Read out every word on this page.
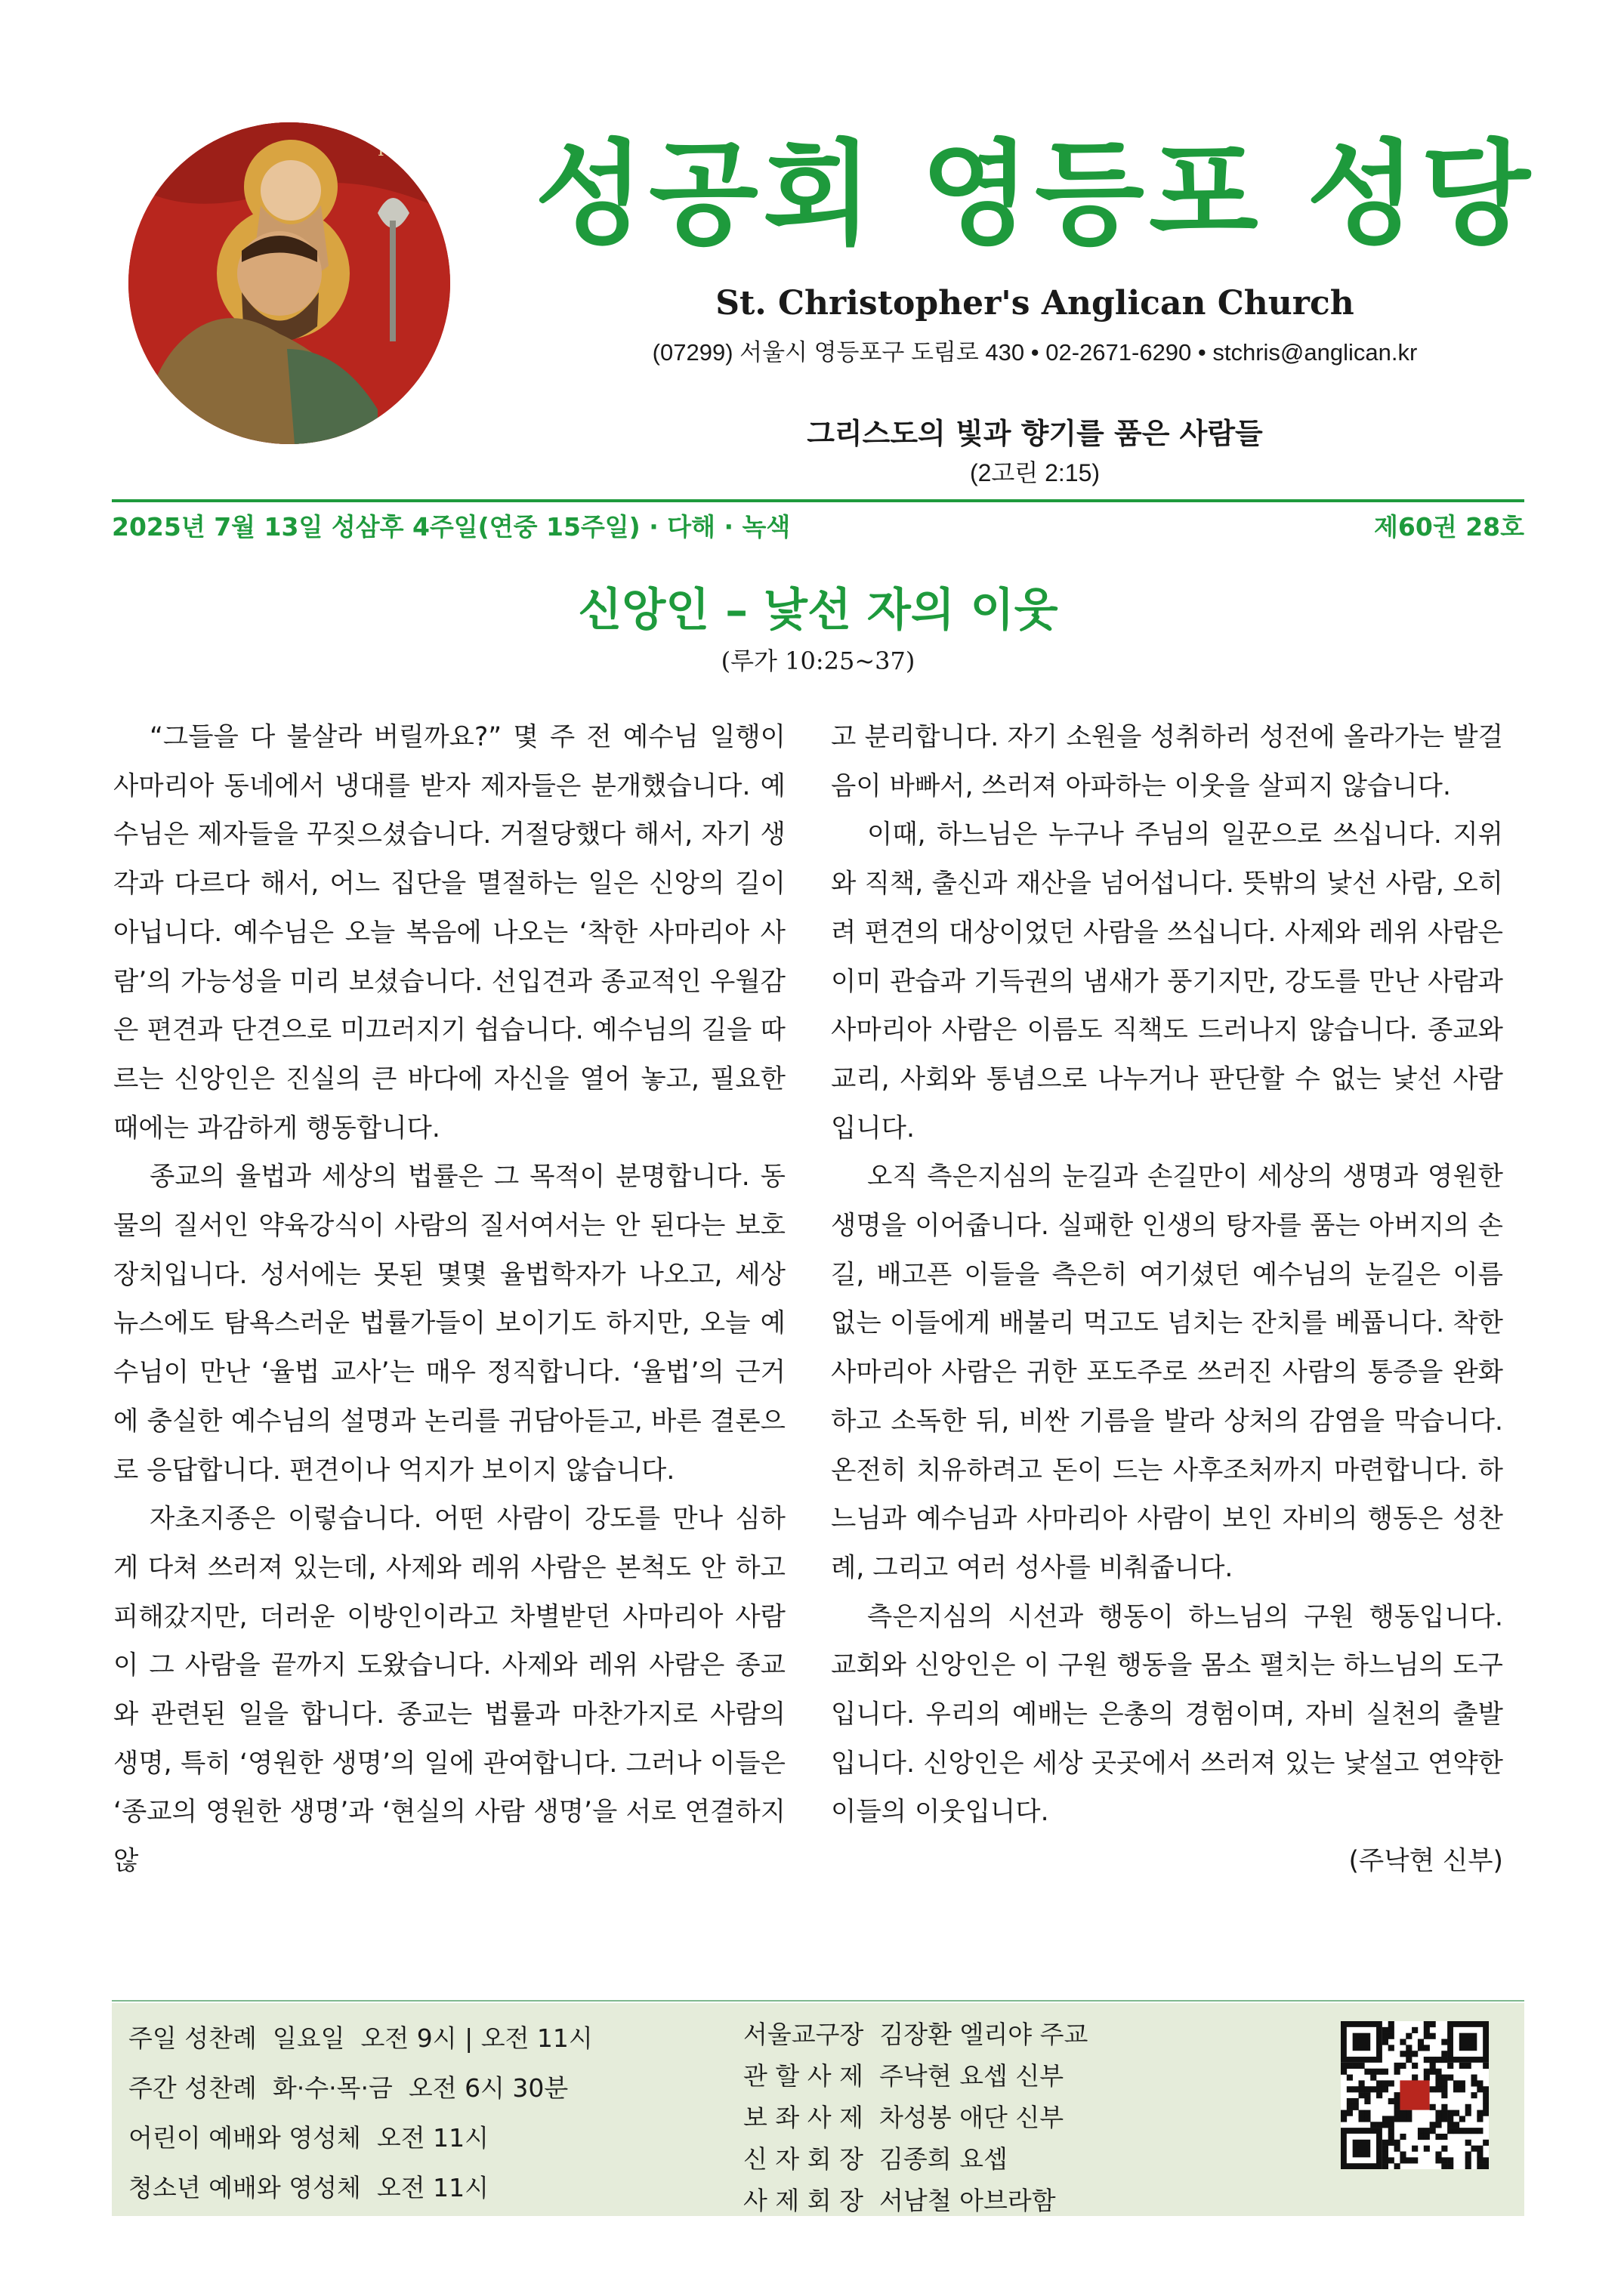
ΙC ΧC 성공회 영등포 성당
St. Christopher's Anglican Church
(07299) 서울시 영등포구 도림로 430 • 02-2671-6290 • stchris@anglican.kr
그리스도의 빛과 향기를 품은 사람들
(2고린 2:15)
2025년 7월 13일 성삼후 4주일(연중 15주일) · 다해 · 녹색	제60권 28호
신앙인 – 낯선 자의 이웃
(루가 10:25~37)

“그들을 다 불살라 버릴까요?” 몇 주 전 예수님 일행이 사마리아 동네에서 냉대를 받자 제자들은 분개했습니다. 예수님은 제자들을 꾸짖으셨습니다. 거절당했다 해서, 자기 생각과 다르다 해서, 어느 집단을 멸절하는 일은 신앙의 길이 아닙니다. 예수님은 오늘 복음에 나오는 ‘착한 사마리아 사람’의 가능성을 미리 보셨습니다. 선입견과 종교적인 우월감은 편견과 단견으로 미끄러지기 쉽습니다. 예수님의 길을 따르는 신앙인은 진실의 큰 바다에 자신을 열어 놓고, 필요한 때에는 과감하게 행동합니다.

종교의 율법과 세상의 법률은 그 목적이 분명합니다. 동물의 질서인 약육강식이 사람의 질서여서는 안 된다는 보호장치입니다. 성서에는 못된 몇몇 율법학자가 나오고, 세상 뉴스에도 탐욕스러운 법률가들이 보이기도 하지만, 오늘 예수님이 만난 ‘율법 교사’는 매우 정직합니다. ‘율법’의 근거에 충실한 예수님의 설명과 논리를 귀담아듣고, 바른 결론으로 응답합니다. 편견이나 억지가 보이지 않습니다.

자초지종은 이렇습니다. 어떤 사람이 강도를 만나 심하게 다쳐 쓰러져 있는데, 사제와 레위 사람은 본척도 안 하고 피해갔지만, 더러운 이방인이라고 차별받던 사마리아 사람이 그 사람을 끝까지 도왔습니다. 사제와 레위 사람은 종교와 관련된 일을 합니다. 종교는 법률과 마찬가지로 사람의 생명, 특히 ‘영원한 생명’의 일에 관여합니다. 그러나 이들은 ‘종교의 영원한 생명’과 ‘현실의 사람 생명’을 서로 연결하지 않

고 분리합니다. 자기 소원을 성취하러 성전에 올라가는 발걸음이 바빠서, 쓰러져 아파하는 이웃을 살피지 않습니다.

이때, 하느님은 누구나 주님의 일꾼으로 쓰십니다. 지위와 직책, 출신과 재산을 넘어섭니다. 뜻밖의 낯선 사람, 오히려 편견의 대상이었던 사람을 쓰십니다. 사제와 레위 사람은 이미 관습과 기득권의 냄새가 풍기지만, 강도를 만난 사람과 사마리아 사람은 이름도 직책도 드러나지 않습니다. 종교와 교리, 사회와 통념으로 나누거나 판단할 수 없는 낯선 사람입니다.

오직 측은지심의 눈길과 손길만이 세상의 생명과 영원한 생명을 이어줍니다. 실패한 인생의 탕자를 품는 아버지의 손길, 배고픈 이들을 측은히 여기셨던 예수님의 눈길은 이름 없는 이들에게 배불리 먹고도 넘치는 잔치를 베풉니다. 착한 사마리아 사람은 귀한 포도주로 쓰러진 사람의 통증을 완화하고 소독한 뒤, 비싼 기름을 발라 상처의 감염을 막습니다. 온전히 치유하려고 돈이 드는 사후조처까지 마련합니다. 하느님과 예수님과 사마리아 사람이 보인 자비의 행동은 성찬례, 그리고 여러 성사를 비춰줍니다.

측은지심의 시선과 행동이 하느님의 구원 행동입니다. 교회와 신앙인은 이 구원 행동을 몸소 펼치는 하느님의 도구입니다. 우리의 예배는 은총의 경험이며, 자비 실천의 출발입니다. 신앙인은 세상 곳곳에서 쓰러져 있는 낯설고 연약한 이들의 이웃입니다.

(주낙현 신부)

주일 성찬례  일요일  오전 9시 | 오전 11시
주간 성찬례  화·수·목·금  오전 6시 30분
어린이 예배와 영성체  오전 11시
청소년 예배와 영성체  오전 11시
서울교구장  김장환 엘리야 주교
관 할 사 제  주낙현 요셉 신부
보 좌 사 제  차성봉 애단 신부
신 자 회 장  김종희 요셉
사 제 회 장  서남철 아브라함
